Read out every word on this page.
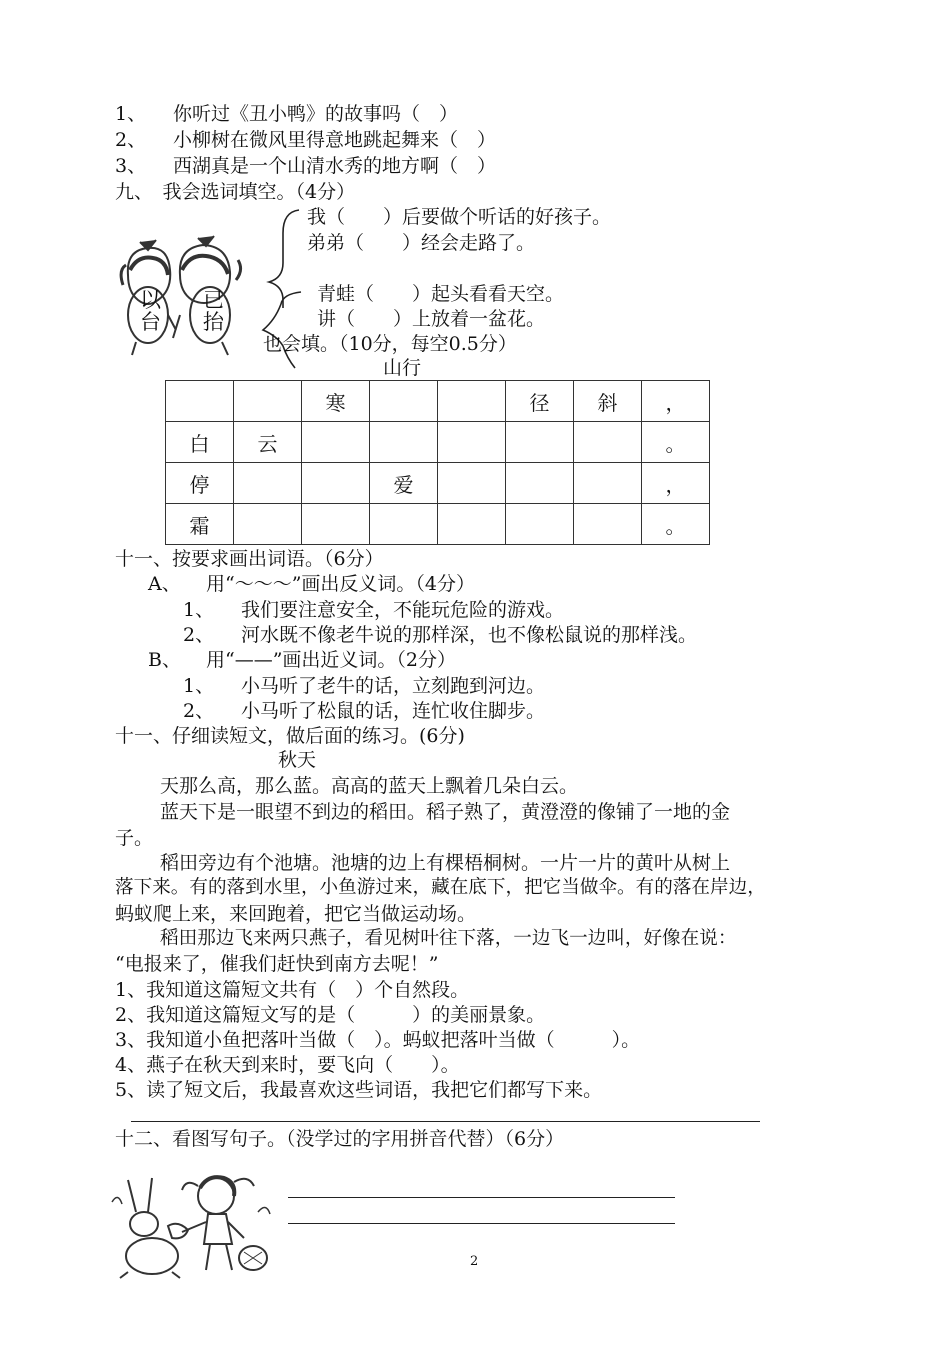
1、 你听过《丑小鸭》的故事吗（　）
2、 小柳树在微风里得意地跳起舞来（　）
3、 西湖真是一个山清水秀的地方啊（　）
九、　我会选词填空。（4分）
以
台
已
抬
我（　　）后要做个听话的好孩子。
弟弟（　　）经会走路了。
青蛙（　　）起头看看天空。
讲（　　）上放着一盆花。
也会填。（10分，每空0.5分）
山行
		寒			径	斜	，
白	云						。
停			爱				，
霜							。
十一、按要求画出词语。（6分）
A、 用“～～～”画出反义词。（4分）
1、 我们要注意安全，不能玩危险的游戏。
2、 河水既不像老牛说的那样深，也不像松鼠说的那样浅。
B、 用“——”画出近义词。（2分）
1、 小马听了老牛的话，立刻跑到河边。
2、 小马听了松鼠的话，连忙收住脚步。
十一、仔细读短文，做后面的练习。(6分)
秋天
天那么高，那么蓝。高高的蓝天上飘着几朵白云。
蓝天下是一眼望不到边的稻田。稻子熟了，黄澄澄的像铺了一地的金
子。
稻田旁边有个池塘。池塘的边上有棵梧桐树。一片一片的黄叶从树上
落下来。有的落到水里，小鱼游过来，藏在底下，把它当做伞。有的落在岸边，
蚂蚁爬上来，来回跑着，把它当做运动场。
稻田那边飞来两只燕子，看见树叶往下落，一边飞一边叫，好像在说：
“电报来了，催我们赶快到南方去呢！”
1、我知道这篇短文共有（　）个自然段。
2、我知道这篇短文写的是（　　　）的美丽景象。
3、我知道小鱼把落叶当做（　）。蚂蚁把落叶当做（　　　）。
4、燕子在秋天到来时，要飞向（　　）。
5、读了短文后，我最喜欢这些词语，我把它们都写下来。
十二、看图写句子。（没学过的字用拼音代替）（6分）
2
